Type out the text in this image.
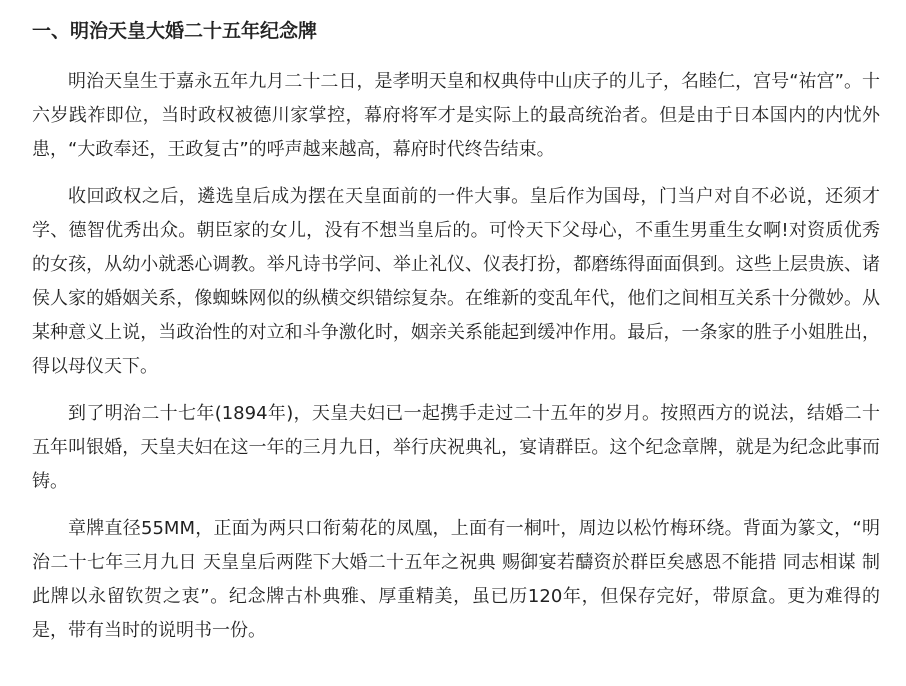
一、明治天皇大婚二十五年纪念牌

明治天皇生于嘉永五年九月二十二日，是孝明天皇和权典侍中山庆子的儿子，名睦仁，宫号“祐宫”。十六岁践祚即位，当时政权被德川家掌控，幕府将军才是实际上的最高统治者。但是由于日本国内的内忧外患，“大政奉还，王政复古”的呼声越来越高，幕府时代终告结束。

收回政权之后，遴选皇后成为摆在天皇面前的一件大事。皇后作为国母，门当户对自不必说，还须才学、德智优秀出众。朝臣家的女儿，没有不想当皇后的。可怜天下父母心，不重生男重生女啊!对资质优秀的女孩，从幼小就悉心调教。举凡诗书学问、举止礼仪、仪表打扮，都磨练得面面俱到。这些上层贵族、诸侯人家的婚姻关系，像蜘蛛网似的纵横交织错综复杂。在维新的变乱年代，他们之间相互关系十分微妙。从某种意义上说，当政治性的对立和斗争激化时，姻亲关系能起到缓冲作用。最后，一条家的胜子小姐胜出，得以母仪天下。

到了明治二十七年(1894年)，天皇夫妇已一起携手走过二十五年的岁月。按照西方的说法，结婚二十五年叫银婚，天皇夫妇在这一年的三月九日，举行庆祝典礼，宴请群臣。这个纪念章牌，就是为纪念此事而铸。

章牌直径55MM，正面为两只口衔菊花的凤凰，上面有一桐叶，周边以松竹梅环绕。背面为篆文，“明治二十七年三月九日 天皇皇后两陛下大婚二十五年之祝典 赐御宴若醻资於群臣矣感恩不能措 同志相谋 制此牌以永留钦贺之衷”。纪念牌古朴典雅、厚重精美，虽已历120年，但保存完好，带原盒。更为难得的是，带有当时的说明书一份。
